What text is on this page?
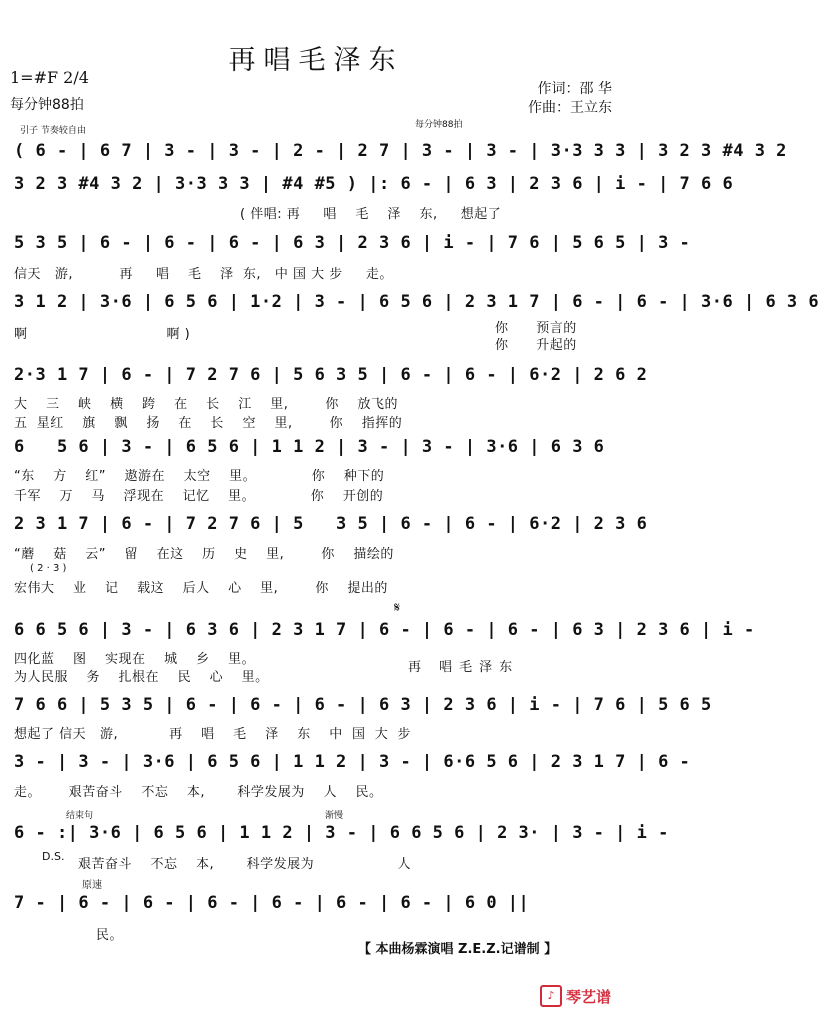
再唱毛泽东
1=#F 2/4
每分钟88拍
作词：邵 华
作曲：王立东
引子 节奏较自由
每分钟88拍
( 6 - | 6 7 | 3 - | 3 - | 2 - | 2 7 | 3 - | 3 - | 3·3 3 3 | 3 2 3 #4 3 2
3 2 3 #4 3 2 | 3·3 3 3 | #4 #5 ) |: 6 - | 6 3 | 2 3 6 | i - | 7 6 6
( 伴唱: 再     唱    毛    泽    东,     想起了
5 3 5 | 6 - | 6 - | 6 - | 6 3 | 2 3 6 | i - | 7 6 | 5 6 5 | 3 -
信天   游,          再     唱    毛    泽  东,   中 国 大 步     走。
3 1 2 | 3·6 | 6 5 6 | 1·2 | 3 - | 6 5 6 | 2 3 1 7 | 6 - | 6 - | 3·6 | 6 3 6
啊                              啊 )	你      预言的
你      升起的
2·3 1 7 | 6 - | 7 2 7 6 | 5 6 3 5 | 6 - | 6 - | 6·2 | 2 6 2
大    三    峡    横    跨    在    长    江    里,        你    放飞的
五  星红    旗    飘    扬    在    长    空    里,        你    指挥的
6   5 6 | 3 - | 6 5 6 | 1 1 2 | 3 - | 3 - | 3·6 | 6 3 6
“东    方    红”    遨游在    太空    里。            你    种下的
千军    万    马    浮现在    记忆    里。            你    开创的
2 3 1 7 | 6 - | 7 2 7 6 | 5   3 5 | 6 - | 6 - | 6·2 | 2 3 6
“蘑    菇    云”    留    在这    历    史    里,        你    描绘的
( 2 · 3 )
宏伟大    业    记    载这    后人    心    里,        你    提出的
𝄋
6 6 5 6 | 3 - | 6 3 6 | 2 3 1 7 | 6 - | 6 - | 6 - | 6 3 | 2 3 6 | i -
四化蓝    图    实现在    城    乡    里。
为人民服    务    扎根在    民    心    里。
再 唱毛泽东
7 6 6 | 5 3 5 | 6 - | 6 - | 6 - | 6 3 | 2 3 6 | i - | 7 6 | 5 6 5
想起了 信天   游,           再    唱    毛    泽    东    中  国  大  步
3 - | 3 - | 3·6 | 6 5 6 | 1 1 2 | 3 - | 6·6 5 6 | 2 3 1 7 | 6 -
走。      艰苦奋斗    不忘    本,       科学发展为    人    民。
结束句	渐慢
6 - :| 3·6 | 6 5 6 | 1 1 2 | 3 - | 6 6 5 6 | 2 3· | 3 - | i -
D.S.
艰苦奋斗    不忘    本,       科学发展为                  人
原速
7 - | 6 - | 6 - | 6 - | 6 - | 6 - | 6 - | 6 0 ||
民。
【 本曲杨霖演唱 Z.E.Z.记谱制 】
♪ 琴艺谱
